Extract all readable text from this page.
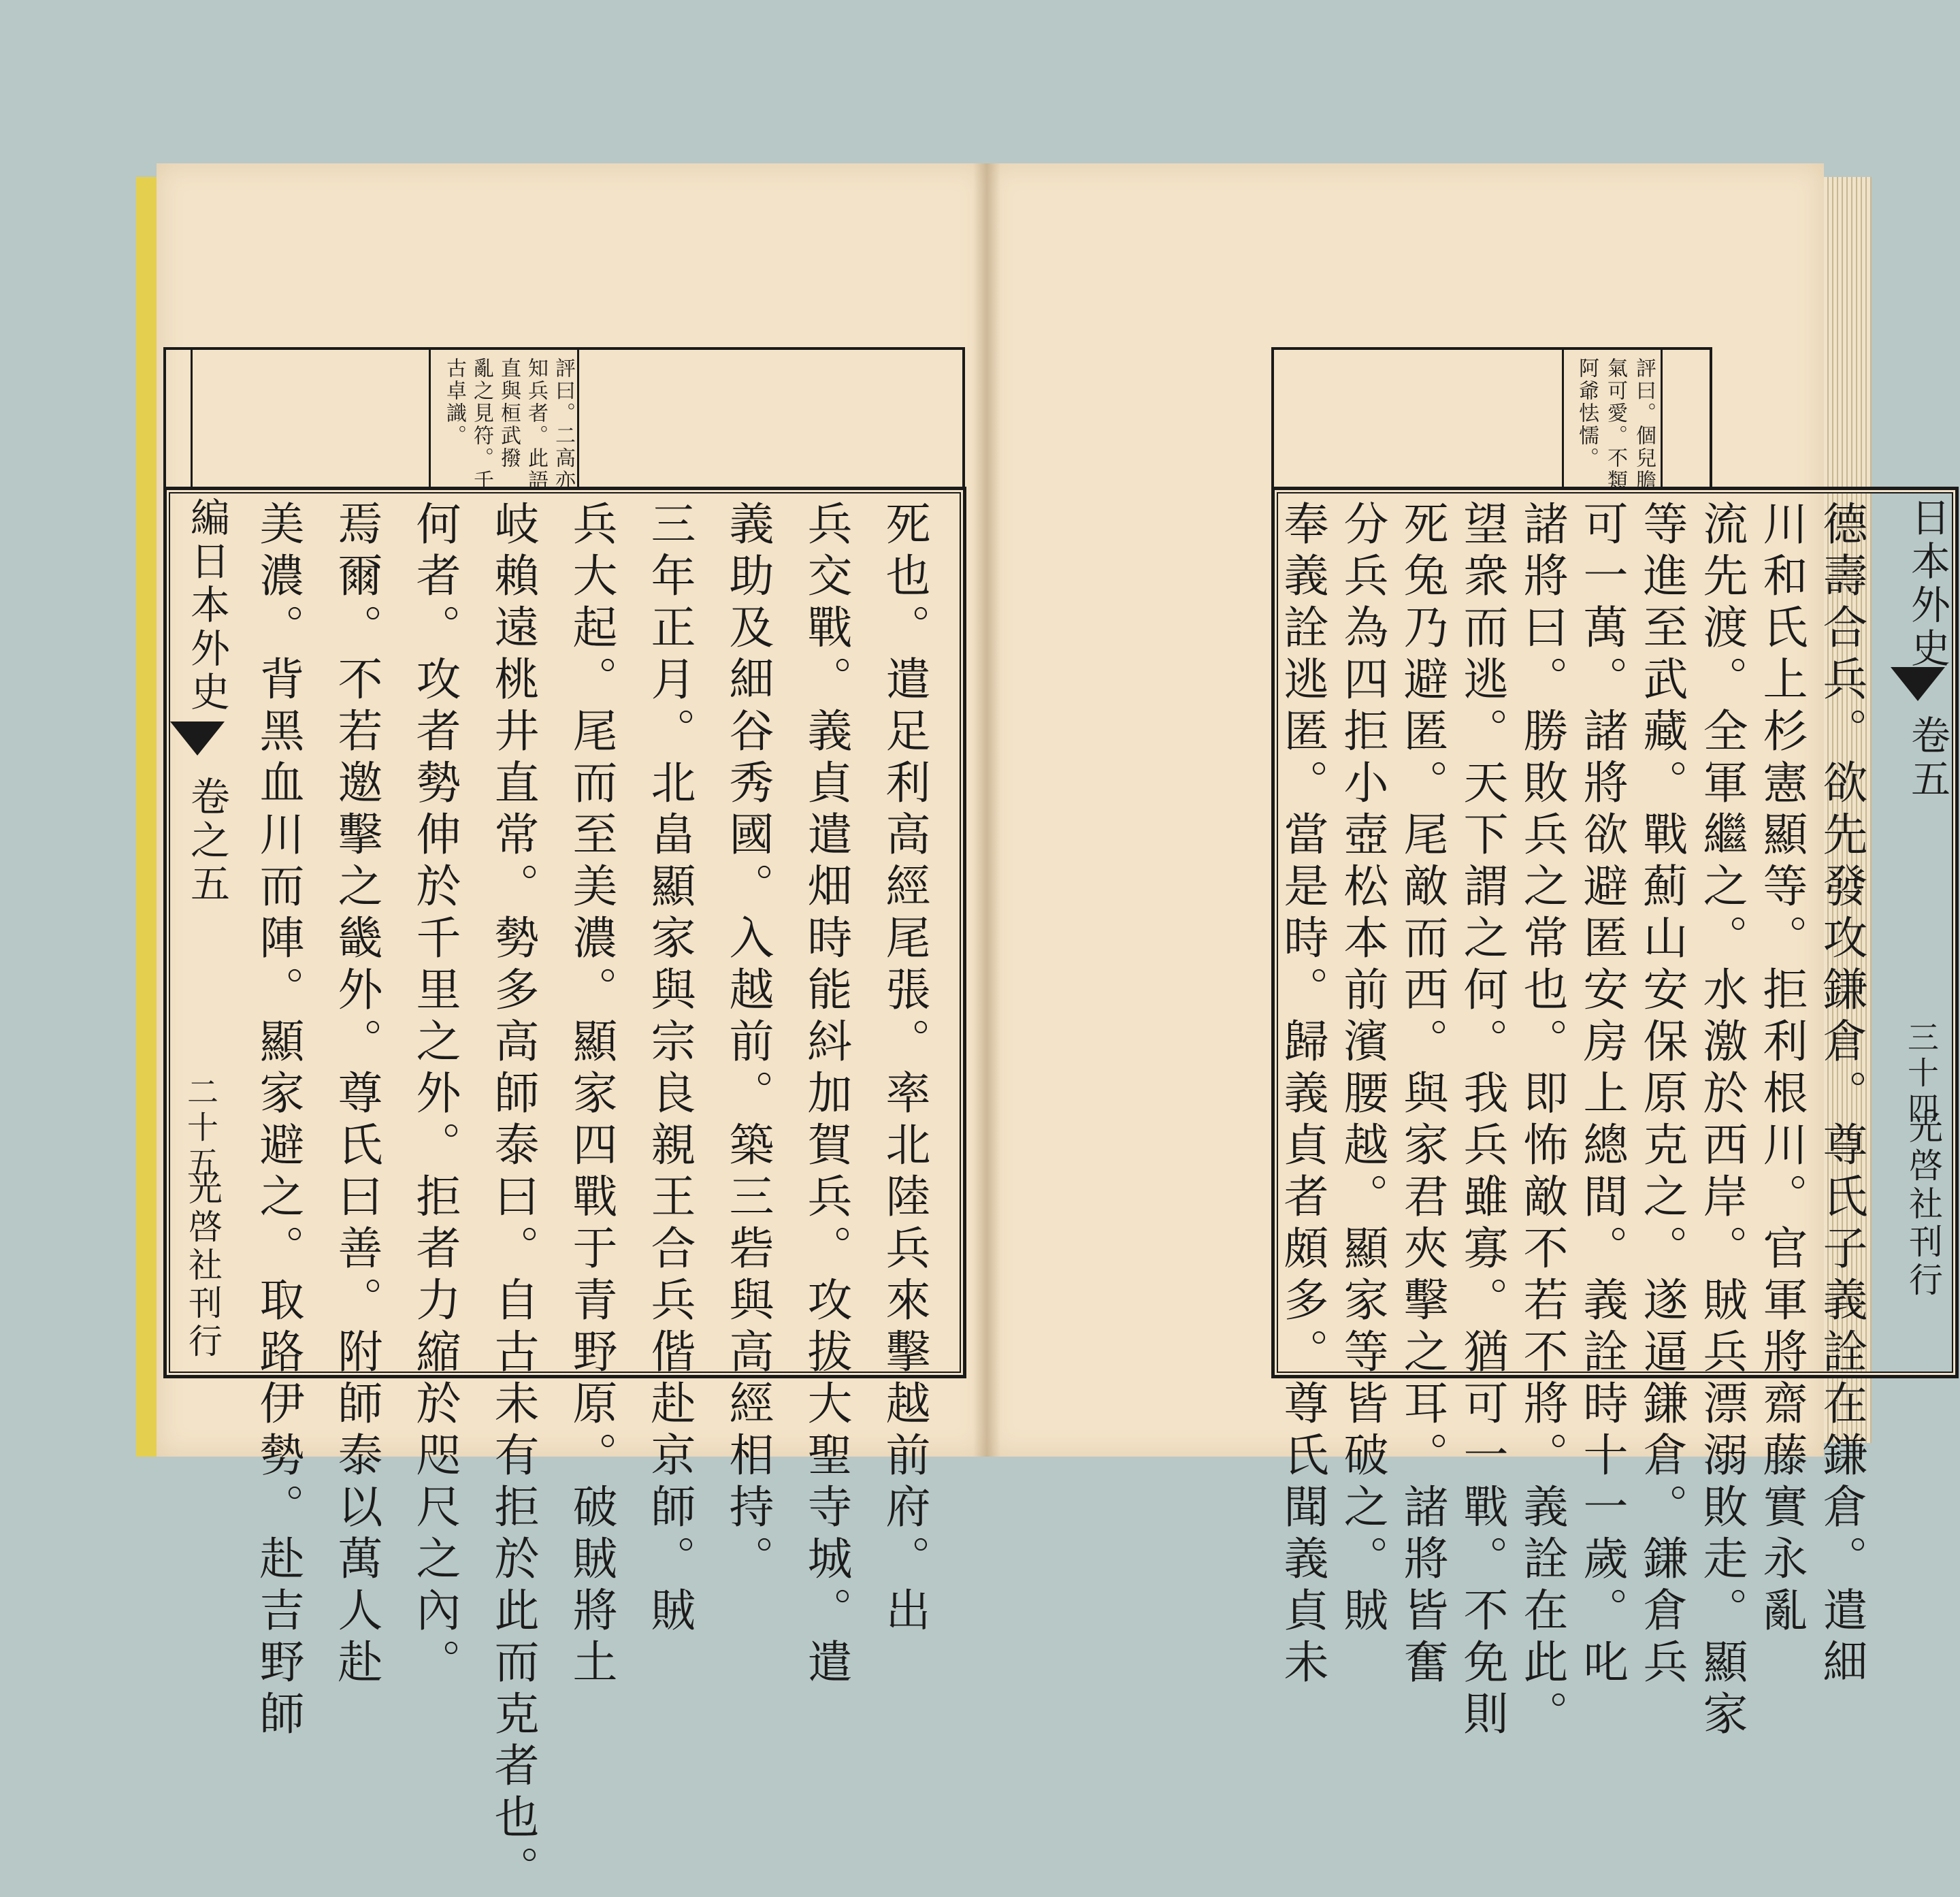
評曰。二高亦
知兵者。此語
直與桓武撥
亂之見符。千
古卓識。
死也。遣足利高經尾張。率北陸兵來擊越前府。出
兵交戰。義貞遣畑時能紏加賀兵。攻拔大聖寺城。遣
義助及細谷秀國。入越前。築三砦與高經相持。
三年正月。北畠顯家與宗良親王合兵偕赴京師。賊
兵大起。尾而至美濃。顯家四戰于青野原。破賊將土
岐賴遠桃井直常。勢多高師泰曰。自古未有拒於此而克者也。
何者。攻者勢伸於千里之外。拒者力縮於咫尺之內。
焉爾。不若邀擊之畿外。尊氏曰善。附師泰以萬人赴
美濃。背黑血川而陣。顯家避之。取路伊勢。赴吉野師
編日本外史
卷之五
二十五
光啓社刊行
評曰。個兒膽
氣可愛。不類
阿爺怯懦。
德壽合兵。欲先發攻鎌倉。尊氏子義詮在鎌倉。遣細
川和氏上杉憲顯等。拒利根川。官軍將齋藤實永亂
流先渡。全軍繼之。水激於西岸。賊兵漂溺敗走。顯家
等進至武藏。戰薊山安保原克之。遂逼鎌倉。鎌倉兵
可一萬。諸將欲避匿安房上總間。義詮時十一歲。叱
諸將曰。勝敗兵之常也。即怖敵不若不將。義詮在此。
望衆而逃。天下謂之何。我兵雖寡。猶可一戰。不免則
死兔乃避匿。尾敵而西。與家君夾擊之耳。諸將皆奮
分兵為四拒小壺松本前濱腰越。顯家等皆破之。賊
奉義詮逃匿。當是時。歸義貞者頗多。尊氏聞義貞未	日本外史
卷五
三十四
光啓社刊行
